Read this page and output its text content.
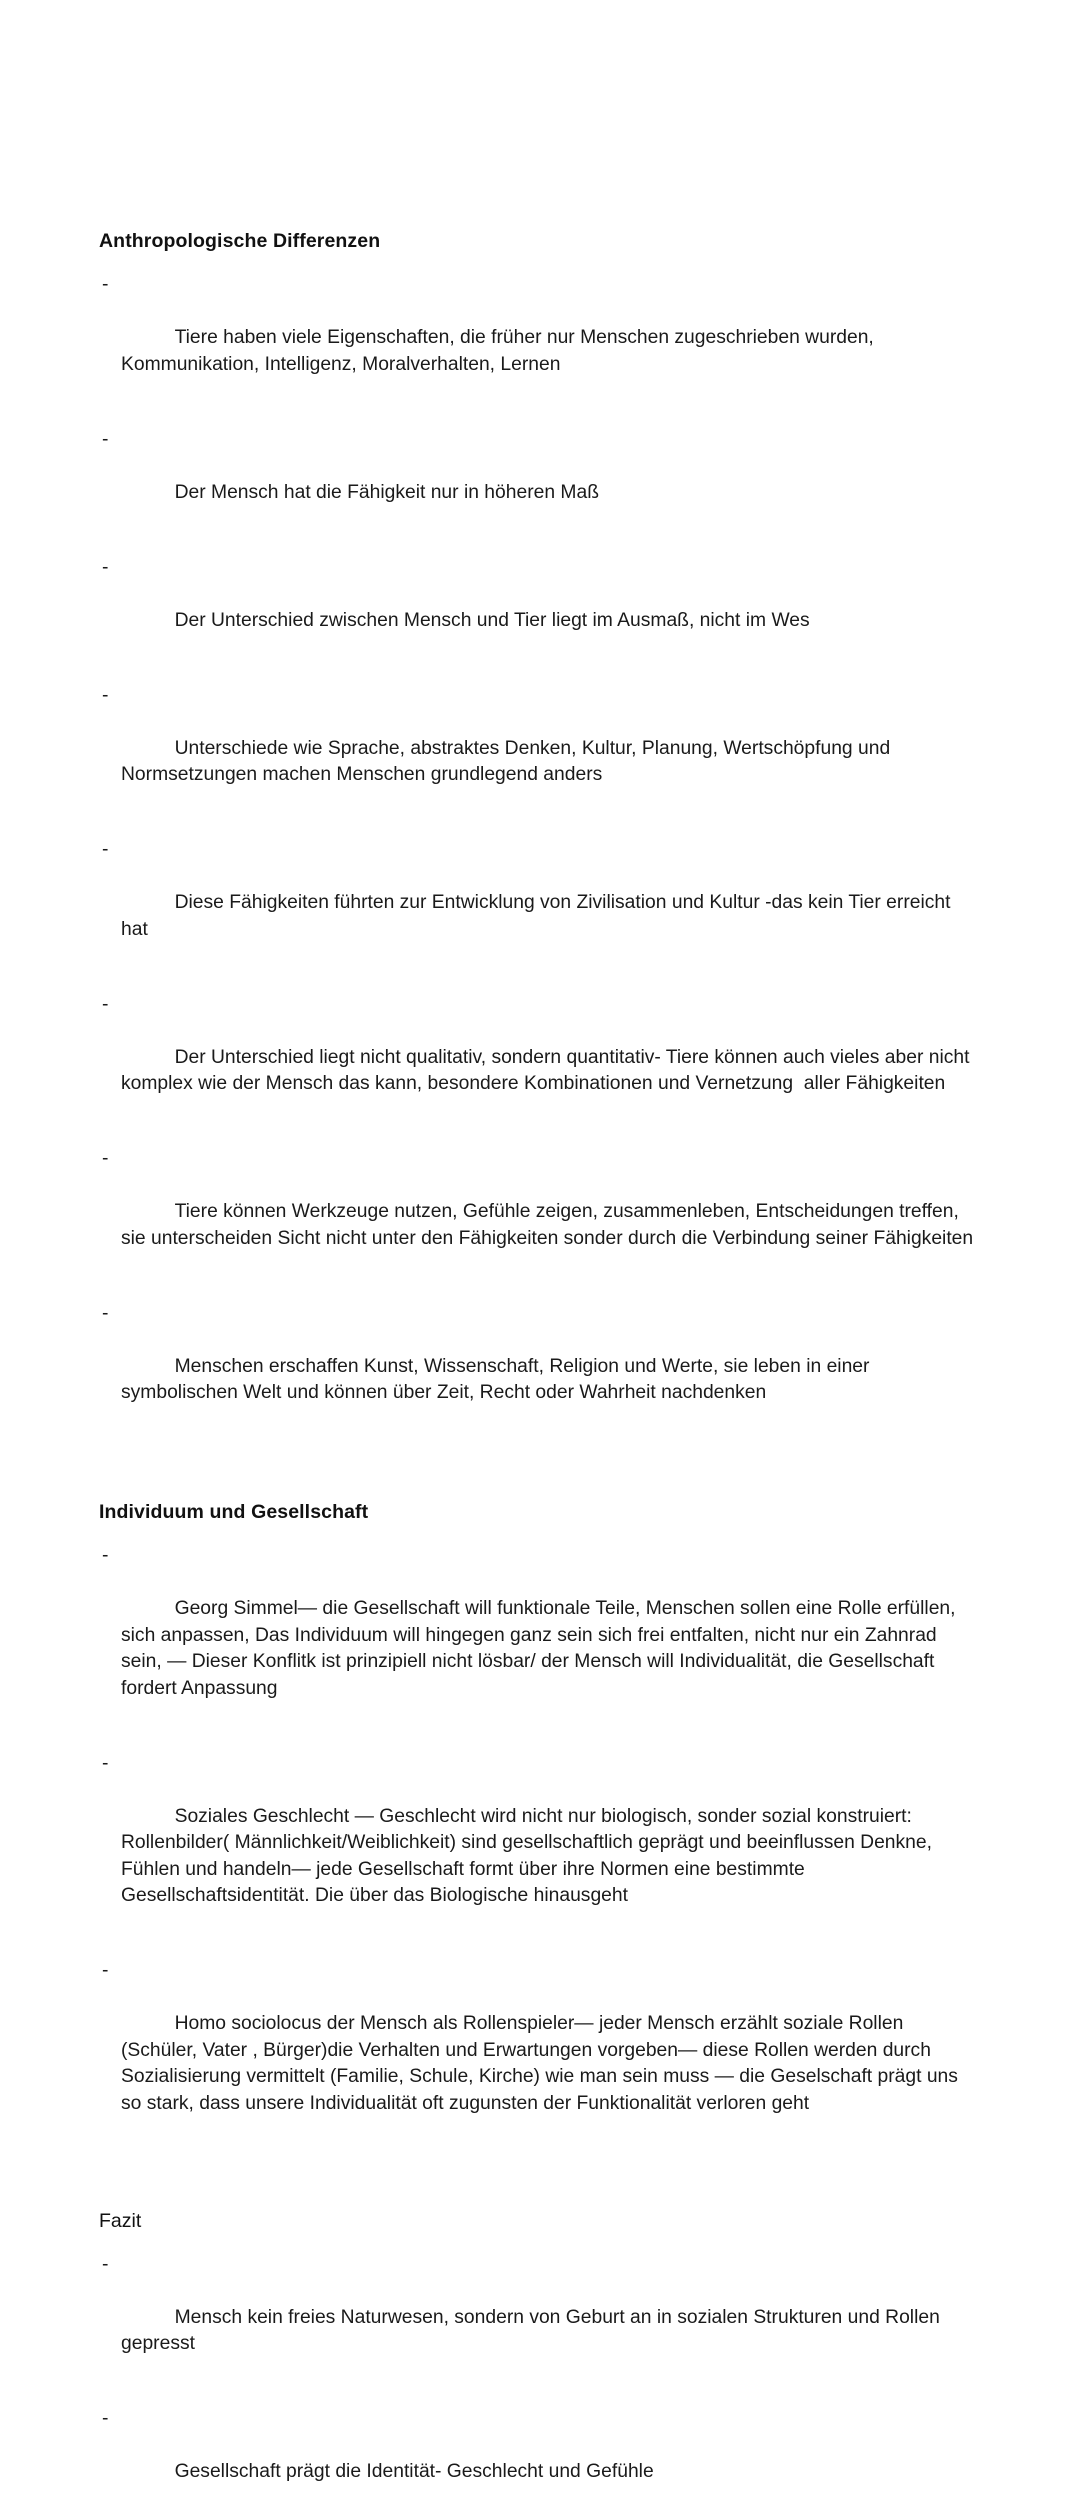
Anthropologische Differenzen

-

Tiere haben viele Eigenschaften, die früher nur Menschen zugeschrieben wurden, Kommunikation, Intelligenz, Moralverhalten, Lernen

-

Der Mensch hat die Fähigkeit nur in höheren Maß

-

Der Unterschied zwischen Mensch und Tier liegt im Ausmaß, nicht im Wes

-

Unterschiede wie Sprache, abstraktes Denken, Kultur, Planung, Wertschöpfung und Normsetzungen machen Menschen grundlegend anders

-

Diese Fähigkeiten führten zur Entwicklung von Zivilisation und Kultur -das kein Tier erreicht hat

-

Der Unterschied liegt nicht qualitativ, sondern quantitativ- Tiere können auch vieles aber nicht komplex wie der Mensch das kann, besondere Kombinationen und Vernetzung  aller Fähigkeiten

-

Tiere können Werkzeuge nutzen, Gefühle zeigen, zusammenleben, Entscheidungen treffen, sie unterscheiden Sicht nicht unter den Fähigkeiten sonder durch die Verbindung seiner Fähigkeiten

-

Menschen erschaffen Kunst, Wissenschaft, Religion und Werte, sie leben in einer symbolischen Welt und können über Zeit, Recht oder Wahrheit nachdenken

Individuum und Gesellschaft

-

Georg Simmel— die Gesellschaft will funktionale Teile, Menschen sollen eine Rolle erfüllen, sich anpassen, Das Individuum will hingegen ganz sein sich frei entfalten, nicht nur ein Zahnrad sein, — Dieser Konflitk ist prinzipiell nicht lösbar/ der Mensch will Individualität, die Gesellschaft fordert Anpassung

-

Soziales Geschlecht — Geschlecht wird nicht nur biologisch, sonder sozial konstruiert: Rollenbilder( Männlichkeit/Weiblichkeit) sind gesellschaftlich geprägt und beeinflussen Denkne, Fühlen und handeln— jede Gesellschaft formt über ihre Normen eine bestimmte Gesellschaftsidentität. Die über das Biologische hinausgeht

-

Homo sociolocus der Mensch als Rollenspieler— jeder Mensch erzählt soziale Rollen (Schüler, Vater , Bürger)die Verhalten und Erwartungen vorgeben— diese Rollen werden durch Sozialisierung vermittelt (Familie, Schule, Kirche) wie man sein muss — die Geselschaft prägt uns so stark, dass unsere Individualität oft zugunsten der Funktionalität verloren geht

Fazit

-

Mensch kein freies Naturwesen, sondern von Geburt an in sozialen Strukturen und Rollen gepresst

-

Gesellschaft prägt die Identität- Geschlecht und Gefühle
